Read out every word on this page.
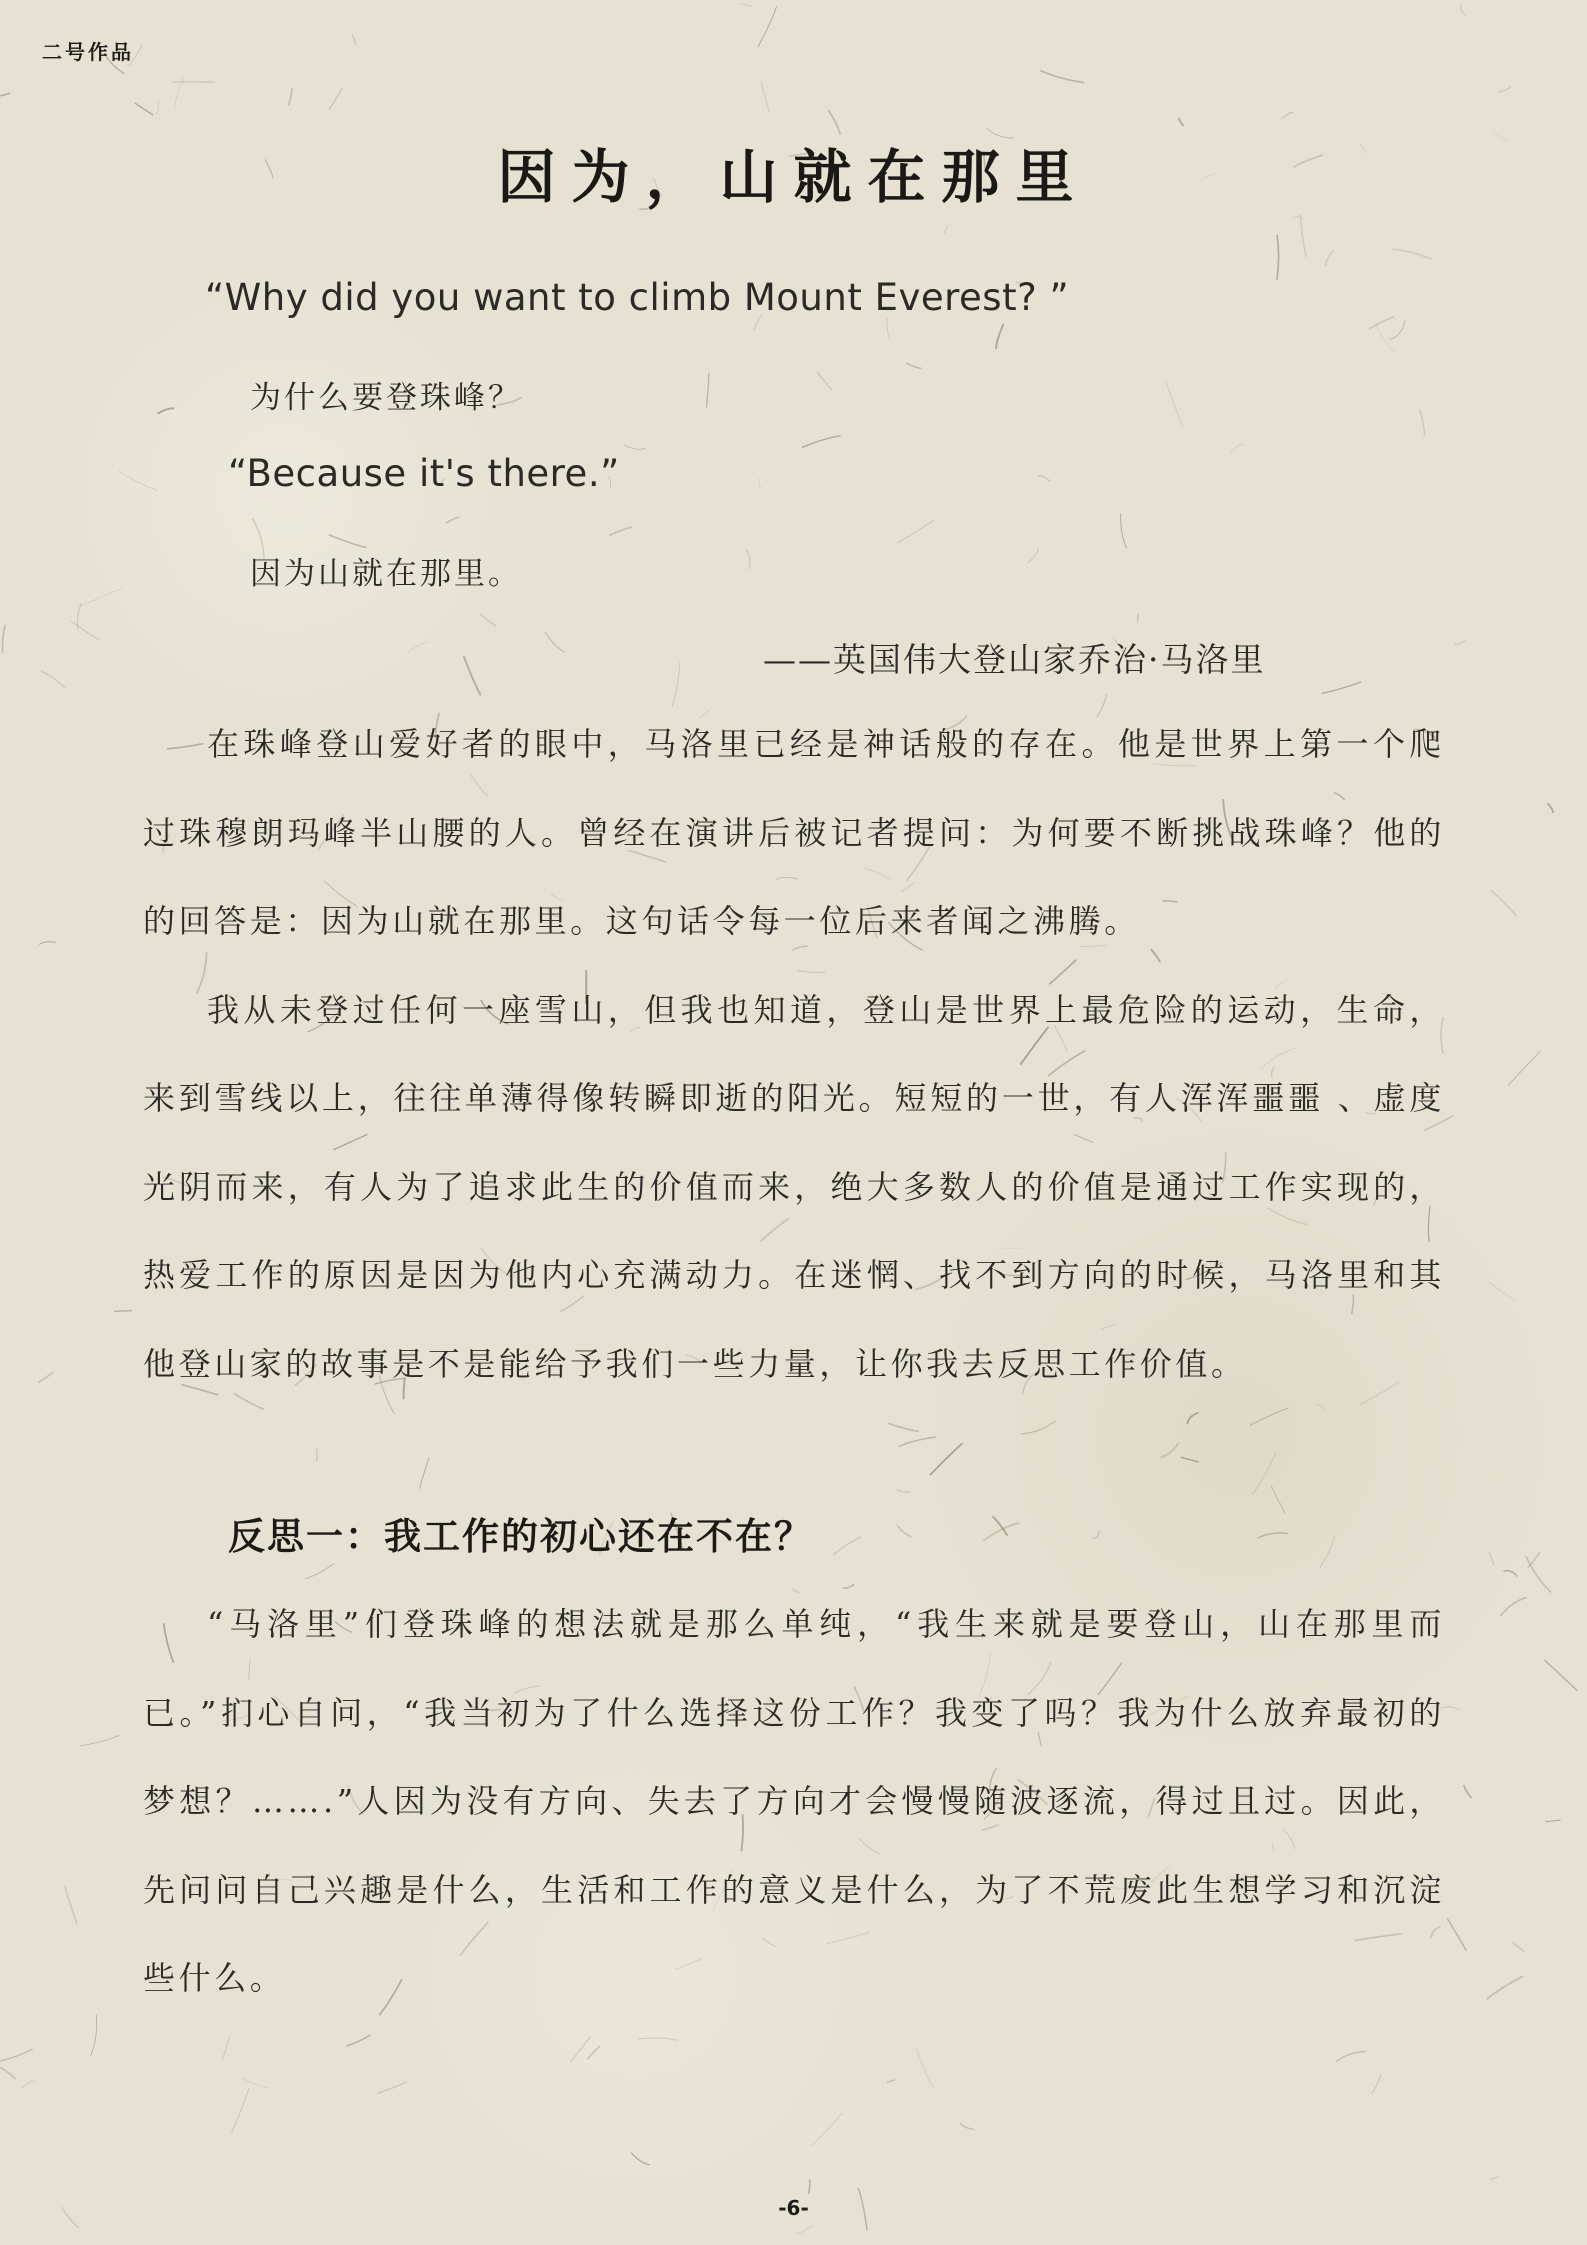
二号作品
因为，山就在那里
“Why did you want to climb Mount Everest? ”
为什么要登珠峰？
“Because it's there.”
因为山就在那里。
——英国伟大登山家乔治·马洛里

在珠峰登山爱好者的眼中，马洛里已经是神话般的存在。他是世界上第一个爬过珠穆朗玛峰半山腰的人。曾经在演讲后被记者提问：为何要不断挑战珠峰？他的的回答是：因为山就在那里。这句话令每一位后来者闻之沸腾。

我从未登过任何一座雪山，但我也知道，登山是世界上最危险的运动，生命，来到雪线以上，往往单薄得像转瞬即逝的阳光。短短的一世，有人浑浑噩噩 、虚度光阴而来，有人为了追求此生的价值而来，绝大多数人的价值是通过工作实现的，热爱工作的原因是因为他内心充满动力。在迷惘、找不到方向的时候，马洛里和其他登山家的故事是不是能给予我们一些力量，让你我去反思工作价值。

反思一：我工作的初心还在不在？

“马洛里”们登珠峰的想法就是那么单纯，“我生来就是要登山，山在那里而已。”扪心自问，“我当初为了什么选择这份工作？我变了吗？我为什么放弃最初的梦想？…….”人因为没有方向、失去了方向才会慢慢随波逐流，得过且过。因此，先问问自己兴趣是什么，生活和工作的意义是什么，为了不荒废此生想学习和沉淀些什么。

-6-
